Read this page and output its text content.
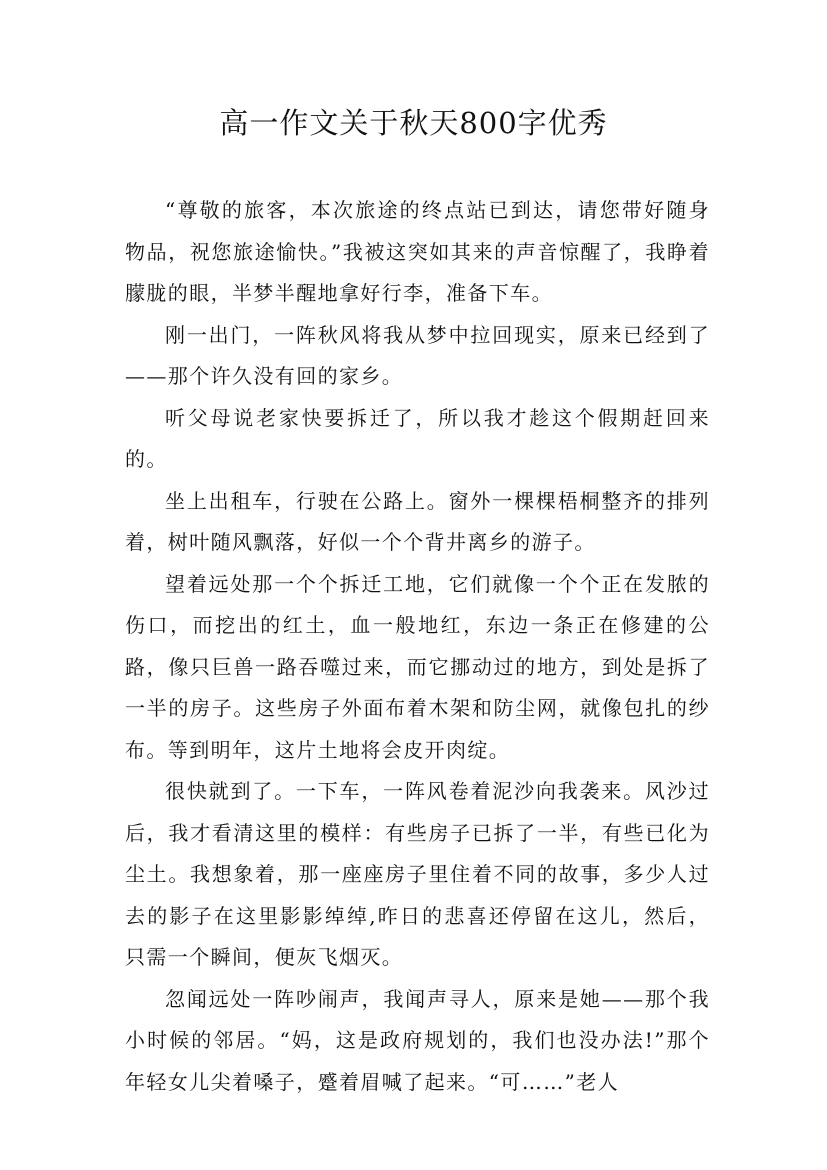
高一作文关于秋天800字优秀

“尊敬的旅客，本次旅途的终点站已到达，请您带好随身物品，祝您旅途愉快。”我被这突如其来的声音惊醒了，我睁着朦胧的眼，半梦半醒地拿好行李，准备下车。

刚一出门，一阵秋风将我从梦中拉回现实，原来已经到了——那个许久没有回的家乡。

听父母说老家快要拆迁了，所以我才趁这个假期赶回来的。

坐上出租车，行驶在公路上。窗外一棵棵梧桐整齐的排列着，树叶随风飘落，好似一个个背井离乡的游子。

望着远处那一个个拆迁工地，它们就像一个个正在发脓的伤口，而挖出的红土，血一般地红，东边一条正在修建的公路，像只巨兽一路吞噬过来，而它挪动过的地方，到处是拆了一半的房子。这些房子外面布着木架和防尘网，就像包扎的纱布。等到明年，这片土地将会皮开肉绽。

很快就到了。一下车，一阵风卷着泥沙向我袭来。风沙过后，我才看清这里的模样：有些房子已拆了一半，有些已化为尘土。我想象着，那一座座房子里住着不同的故事，多少人过去的影子在这里影影绰绰,昨日的悲喜还停留在这儿，然后，只需一个瞬间，便灰飞烟灭。

忽闻远处一阵吵闹声，我闻声寻人，原来是她——那个我小时候的邻居。“妈，这是政府规划的，我们也没办法!”那个年轻女儿尖着嗓子，蹙着眉喊了起来。“可……”老人
